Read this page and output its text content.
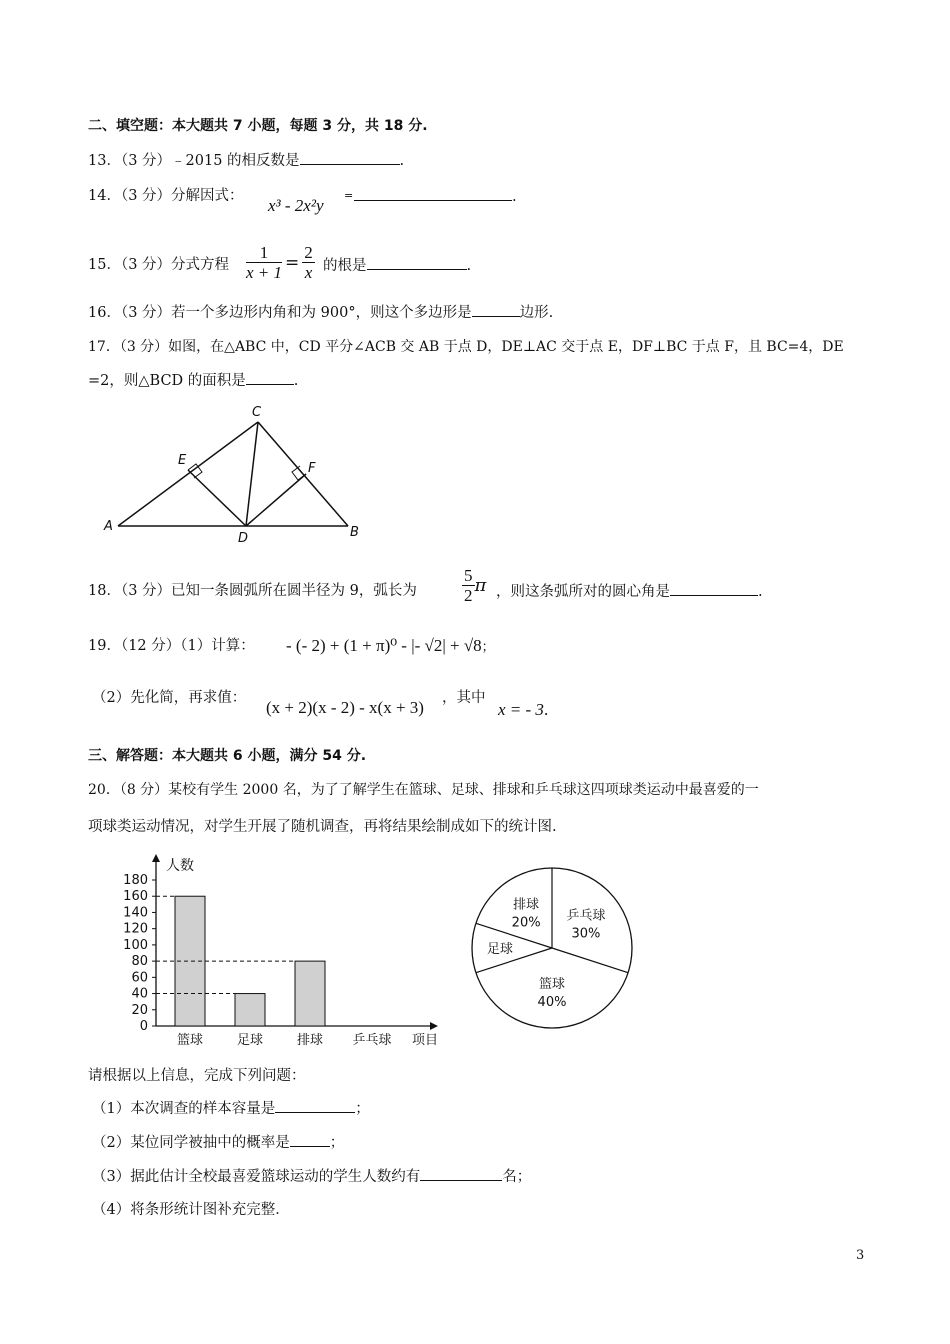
二、填空题：本大题共 7 小题，每题 3 分，共 18 分.
13．（3 分）﹣2015 的相反数是	.
14．（3 分）分解因式： x³ - 2x²y
=	.
15．（3 分）分式方程 $\frac{1}{x + 1} = \frac{2}{x}$ 的根是	.
16．（3 分）若一个多边形内角和为 900°，则这个多边形是	边形.
17．（3 分）如图，在△ABC 中，CD 平分∠ACB 交 AB 于点 D，DE⊥AC 交于点 E，DF⊥BC 于点 F，且 BC=4，DE
=2，则△BCD 的面积是	.
C
E
F
A
D	B
18．（3 分）已知一条圆弧所在圆半径为 9，弧长为	$\frac{5}{2}$ π ，则这条弧所对的圆心角是	.
19．（12 分）（1）计算： - (- 2) + (1 + π)⁰ - |- √2| + √8；
（2）先化简，再求值： (x + 2)(x - 2) - x(x + 3) ，其中
x = - 3.
三、解答题：本大题共 6 小题，满分 54 分.
20．（8 分）某校有学生 2000 名，为了了解学生在篮球、足球、排球和乒乓球这四项球类运动中最喜爱的一
项球类运动情况，对学生开展了随机调查，再将结果绘制成如下的统计图.
人数
0
20
40
60
80
100
120
140
160
180
篮球	足球	排球 乒乓球 项目
乒乓球
30%
篮球
40%
足球
排球
20%
请根据以上信息，完成下列问题：
（1）本次调查的样本容量是	；
（2）某位同学被抽中的概率是	；
（3）据此估计全校最喜爱篮球运动的学生人数约有	名；
（4）将条形统计图补充完整．
3
